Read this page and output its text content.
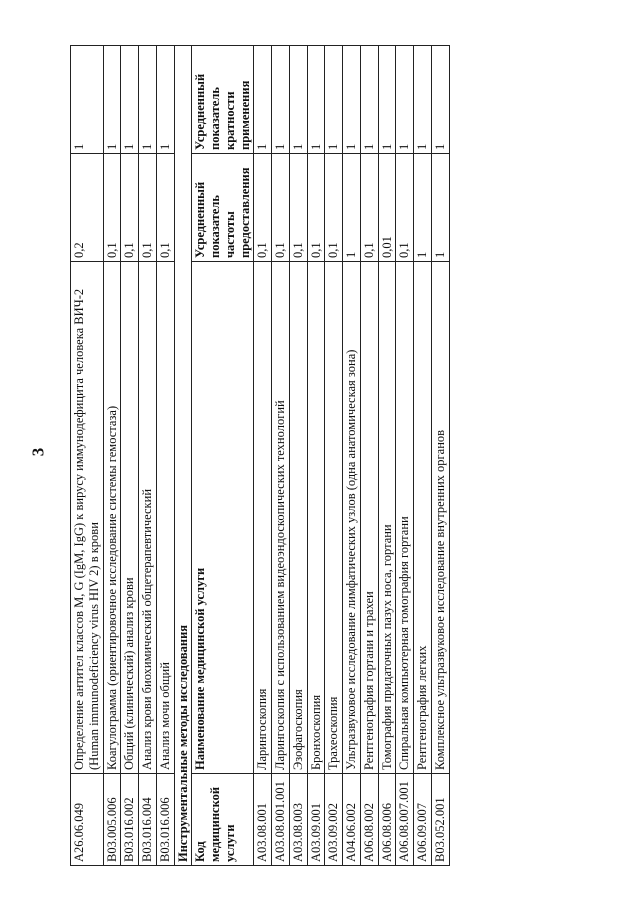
3
A26.06.049	Определение антител классов M, G (IgM, IgG) к вирусу иммунодефицита человека ВИЧ-2 (Human immunodeficiency virus HIV 2) в крови	0,2	1
B03.005.006	Коагулограмма (ориентировочное исследование системы гемостаза)	0,1	1
B03.016.002	Общий (клинический) анализ крови	0,1	1
B03.016.004	Анализ крови биохимический общетерапевтический	0,1	1
B03.016.006	Анализ мочи общий	0,1	1
Инструментальные методы исследования			
Код медицинской услуги	Наименование медицинской услуги	Усредненный показатель частоты предоставления	Усредненный показатель кратности применения
A03.08.001	Ларингоскопия	0,1	1
A03.08.001.001	Ларингоскопия с использованием видеоэндоскопических технологий	0,1	1
A03.08.003	Эзофагоскопия	0,1	1
A03.09.001	Бронхоскопия	0,1	1
A03.09.002	Трахеоскопия	0,1	1
A04.06.002	Ультразвуковое исследование лимфатических узлов (одна анатомическая зона)	1	1
A06.08.002	Рентгенография гортани и трахеи	0,1	1
A06.08.006	Томография придаточных пазух носа, гортани	0,01	1
A06.08.007.001	Спиральная компьютерная томография гортани	0,1	1
A06.09.007	Рентгенография легких	1	1
B03.052.001	Комплексное ультразвуковое исследование внутренних органов	1	1
